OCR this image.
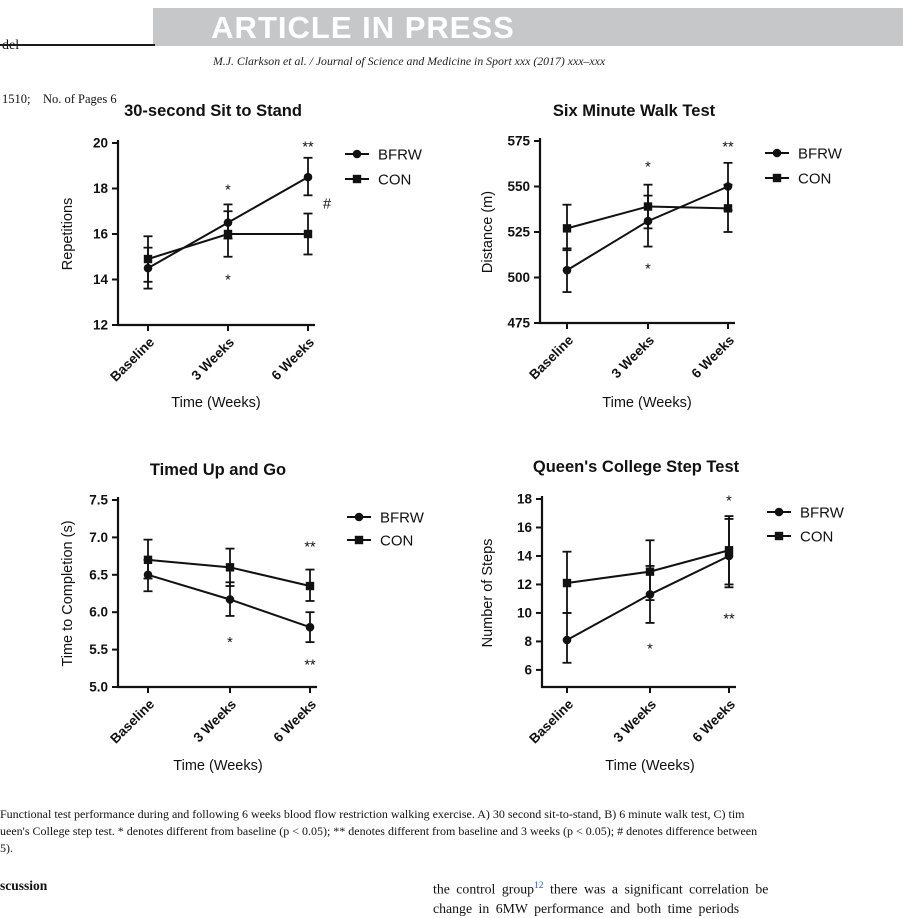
1510;    No. of Pages 6

ARTICLE IN PRESS
M.J. Clarkson et al. / Journal of Science and Medicine in Sport xxx (2017) xxx–xxx
30-second Sit to Stand
12
14
16
18
20
Baseline 3 Weeks 6 Weeks
Repetitions
Time (Weeks)
BFRW
CON
*
**
*
#
Six Minute Walk Test
475
500
525
550
575
Baseline 3 Weeks 6 Weeks
Distance (m)
Time (Weeks)
BFRW
CON
*
**
*
Timed Up and Go
5.0
5.5
6.0
6.5
7.0
7.5
Baseline 3 Weeks 6 Weeks
Time to Completion (s)
Time (Weeks)
BFRW
CON
**
*
**
Queen's College Step Test
6
8
10
12
14
16
18
Baseline	3 Weeks 6 Weeks
Number of Steps
Time (Weeks)
BFRW
CON
*
**
*
Functional test performance during and following 6 weeks blood flow restriction walking exercise. A) 30 second sit-to-stand, B) 6 minute walk test, C) tim
ueen's College step test. * denotes different from baseline (p < 0.05); ** denotes different from baseline and 3 weeks (p < 0.05); # denotes difference between
5).
scussion	the control group$^{12}$ there was a significant correlation be
change in 6MW performance and both time periods
